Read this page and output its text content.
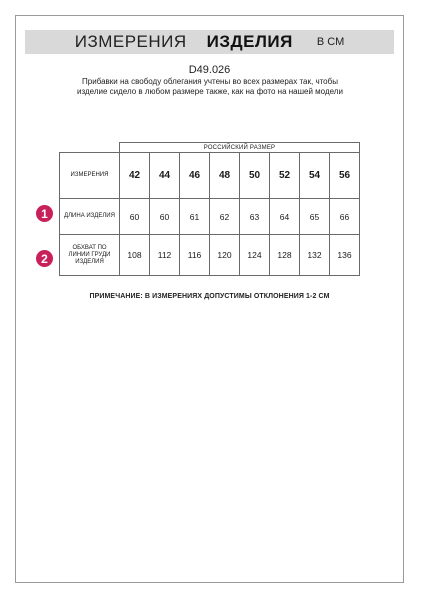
ИЗМЕРЕНИЯ ИЗДЕЛИЯ В СМ
D49.026
Прибавки на свободу облегания учтены во всех размерах так, чтобы изделие сидело в любом размере также, как на фото на нашей модели
	РОССИЙСКИЙ РАЗМЕР							
ИЗМЕРЕНИЯ	42	44	46	48	50	52	54	56
ДЛИНА ИЗДЕЛИЯ	60	60	61	62	63	64	65	66
ОБХВАТ ПО ЛИНИИ ГРУДИ ИЗДЕЛИЯ	108	112	116	120	124	128	132	136
1
2
ПРИМЕЧАНИЕ: В ИЗМЕРЕНИЯХ ДОПУСТИМЫ ОТКЛОНЕНИЯ 1-2 СМ
